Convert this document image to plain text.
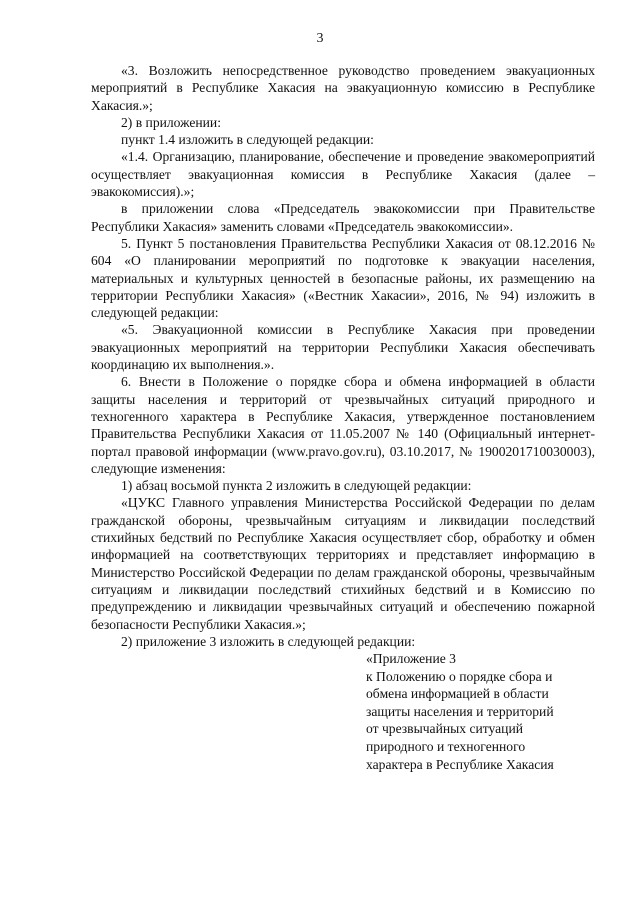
3

«3. Возложить непосредственное руководство проведением эвакуационных мероприятий в Республике Хакасия на эвакуационную комиссию в Республике Хакасия.»;

2) в приложении:

пункт 1.4 изложить в следующей редакции:

«1.4. Организацию, планирование, обеспечение и проведение эвакомероприятий осуществляет эвакуационная комиссия в Республике Хакасия (далее – эвакокомиссия).»;

в приложении слова «Председатель эвакокомиссии при Правительстве Республики Хакасия» заменить словами «Председатель эвакокомиссии».

5. Пункт 5 постановления Правительства Республики Хакасия от 08.12.2016 № 604 «О планировании мероприятий по подготовке к эвакуации населения, материальных и культурных ценностей в безопасные районы, их размещению на территории Республики Хакасия» («Вестник Хакасии», 2016, № 94) изложить в следующей редакции:

«5. Эвакуационной комиссии в Республике Хакасия при проведении эвакуационных мероприятий на территории Республики Хакасия обеспечивать координацию их выполнения.».

6. Внести в Положение о порядке сбора и обмена информацией в области защиты населения и территорий от чрезвычайных ситуаций природного и техногенного характера в Республике Хакасия, утвержденное постановлением Правительства Республики Хакасия от 11.05.2007 № 140 (Официальный интернет-портал правовой информации (www.pravo.gov.ru), 03.10.2017, № 1900201710030003), следующие изменения:

1) абзац восьмой пункта 2 изложить в следующей редакции:

«ЦУКС Главного управления Министерства Российской Федерации по делам гражданской обороны, чрезвычайным ситуациям и ликвидации последствий стихийных бедствий по Республике Хакасия осуществляет сбор, обработку и обмен информацией на соответствующих территориях и представляет информацию в Министерство Российской Федерации по делам гражданской обороны, чрезвычайным ситуациям и ликвидации последствий стихийных бедствий и в Комиссию по предупреждению и ликвидации чрезвычайных ситуаций и обеспечению пожарной безопасности Республики Хакасия.»;

2) приложение 3 изложить в следующей редакции:

«Приложение 3
к Положению о порядке сбора и
обмена информацией в области
защиты населения и территорий
от чрезвычайных ситуаций
природного и техногенного
характера в Республике Хакасия
